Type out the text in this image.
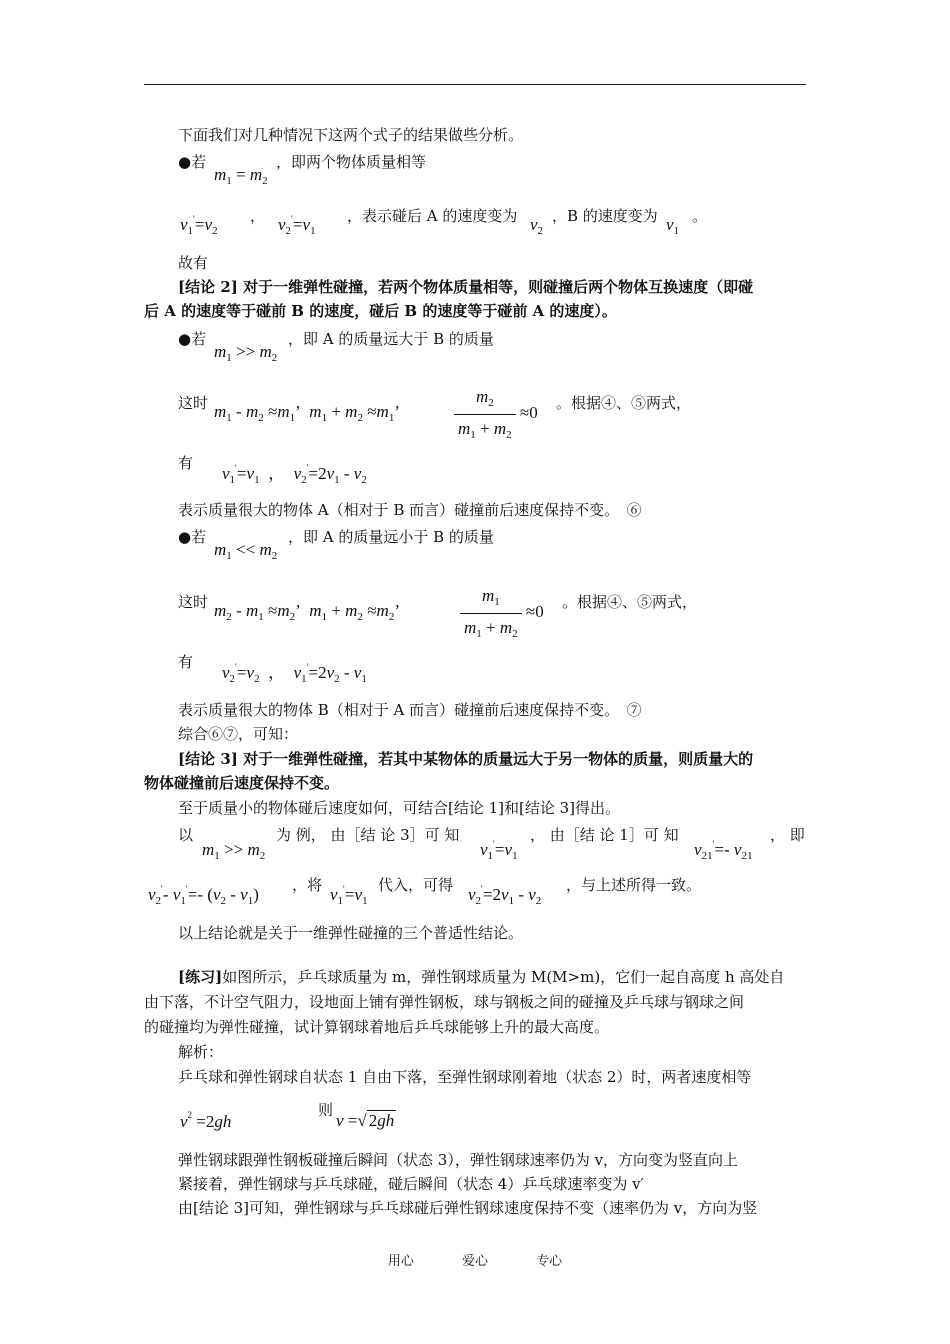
下面我们对几种情况下这两个式子的结果做些分析。
●若
$m_1 = m_2$
，即两个物体质量相等
$v_1' =v_2$
， $v_2' =v_1$
，表示碰后 A 的速度变为 $v_2$
，B 的速度变为 $v_1$
。
故有
[结论 2] 对于一维弹性碰撞，若两个物体质量相等，则碰撞后两个物体互换速度（即碰
后 A 的速度等于碰前 B 的速度，碰后 B 的速度等于碰前 A 的速度）。
●若
$m_1 >> m_2$
，即 A 的质量远大于 B 的质量
这时 $m_1 - m_2 \approx m_1$’  $m_1 + m_2 \approx m_1$’	$\frac{m_2}{m_1 + m_2} \approx 0$
。根据④、⑤两式，
有
$v_1' =v_1$ ，  $v_2' =2v_1 - v_2$
表示质量很大的物体 A（相对于 B 而言）碰撞前后速度保持不变。　⑥
●若
$m_1 << m_2$
，即 A 的质量远小于 B 的质量
这时 $m_2 - m_1 \approx m_2$’  $m_1 + m_2 \approx m_2$’	$\frac{m_1}{m_1 + m_2} \approx 0$
。根据④、⑤两式，
有
$v_2' =v_2$ ，  $v_1' =2v_2 - v_1$
表示质量很大的物体 B（相对于 A 而言）碰撞前后速度保持不变。　⑦
综合⑥⑦，可知：
[结论 3] 对于一维弹性碰撞，若其中某物体的质量远大于另一物体的质量，则质量大的
物体碰撞前后速度保持不变。
至于质量小的物体碰后速度如何，可结合[结论 1]和[结论 3]得出。
以
$m_1 >> m_2$
为 例， 由［结 论 3］可 知
$v_1' =v_1$
， 由［结 论 1］可 知
$v_{21}' =- v_{21}$
， 即
$v_2' - v_1' =- (v_2 - v_1)$ ，将 $v_1' =v_1$
代入，可得 $v_2' =2v_1 - v_2$
，与上述所得一致。
以上结论就是关于一维弹性碰撞的三个普适性结论。
[练习]如图所示，乒乓球质量为 m，弹性钢球质量为 M(M>m)，它们一起自高度 h 高处自
由下落，不计空气阻力，设地面上铺有弹性钢板，球与钢板之间的碰撞及乒乓球与钢球之间
的碰撞均为弹性碰撞，试计算钢球着地后乒乓球能够上升的最大高度。
解析：
乒乓球和弹性钢球自状态 1 自由下落，至弹性钢球刚着地（状态 2）时，两者速度相等
$v^2 =2gh$
则
v =√ 2gh
弹性钢球跟弹性钢板碰撞后瞬间（状态 3），弹性钢球速率仍为 v，方向变为竖直向上
紧接着，弹性钢球与乒乓球碰，碰后瞬间（状态 4）乒乓球速率变为 v′
由[结论 3]可知，弹性钢球与乒乓球碰后弹性钢球速度保持不变（速率仍为 v，方向为竖
用心	爱心	专心
